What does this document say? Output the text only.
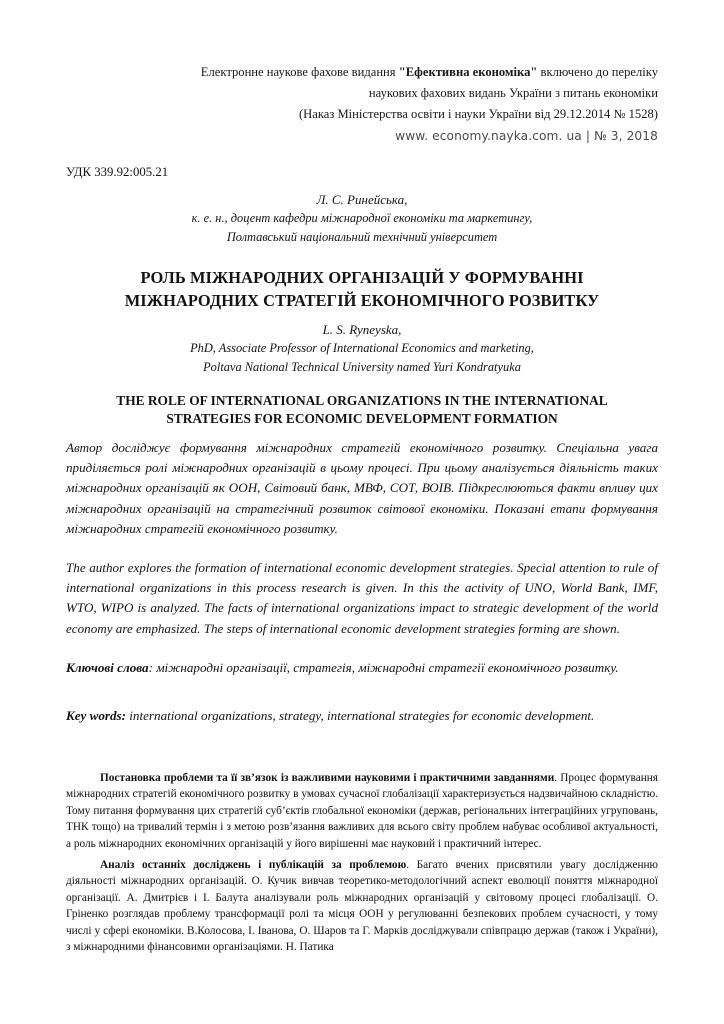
Електронне наукове фахове видання "Ефективна економіка" включено до переліку
наукових фахових видань України з питань економіки
(Наказ Міністерства освіти і науки України від 29.12.2014 № 1528)
www. economy.nayka.com. ua | № 3, 2018
УДК 339.92:005.21
Л. С. Ринейська,
к. е. н., доцент кафедри міжнародної економіки та маркетингу,
Полтавський національний технічний університет
РОЛЬ МІЖНАРОДНИХ ОРГАНІЗАЦІЙ У ФОРМУВАННІ
МІЖНАРОДНИХ СТРАТЕГІЙ ЕКОНОМІЧНОГО РОЗВИТКУ
L. S. Ryneyska,
PhD, Associate Professor of International Economics and marketing,
Poltava National Technical University named Yuri Kondratyuka
THE ROLE OF INTERNATIONAL ORGANIZATIONS IN THE INTERNATIONAL
STRATEGIES FOR ECONOMIC DEVELOPMENT FORMATION
Автор досліджує формування міжнародних стратегій економічного розвитку. Спеціальна увага приділяється ролі міжнародних організацій в цьому процесі. При цьому аналізується діяльність таких міжнародних організацій як ООН, Світовий банк, МВФ, СОТ, ВОІВ. Підкреслюються факти впливу цих міжнародних організацій на стратегічний розвиток світової економіки. Показані етапи формування міжнародних стратегій економічного розвитку.
The author explores the formation of international economic development strategies. Special attention to rule of international organizations in this process research is given. In this the activity of UNO, World Bank, IMF, WTO, WIPO is analyzed. The facts of international organizations impact to strategic development of the world economy are emphasized. The steps of international economic development strategies forming are shown.
Ключові слова: міжнародні організації, стратегія, міжнародні стратегії економічного розвитку.
Key words: international organizations, strategy, international strategies for economic development.

Постановка проблеми та її зв’язок із важливими науковими і практичними завданнями. Процес формування міжнародних стратегій економічного розвитку в умовах сучасної глобалізації характеризується надзвичайною складністю. Тому питання формування цих стратегій суб’єктів глобальної економіки (держав, регіональних інтеграційних угруповань, ТНК тощо) на тривалий термін і з метою розв’язання важливих для всього світу проблем набуває особливої актуальності, а роль міжнародних економічних організацій у його вирішенні має науковий і практичний інтерес.

Аналіз останніх досліджень і публікацій за проблемою. Багато вчених присвятили увагу дослідженню діяльності міжнародних організацій. О. Кучик вивчав теоретико-методологічний аспект еволюції поняття міжнародної організації. А. Дмитрієв і І. Балута аналізували роль міжнародних організацій у світовому процесі глобалізації. О. Гріненко розглядав проблему трансформації ролі та місця ООН у регулюванні безпекових проблем сучасності, у тому числі у сфері економіки. В.Колосова, І. Іванова, О. Шаров та Г. Марків досліджували співпрацю держав (також і України), з міжнародними фінансовими організаціями. Н. Патика
